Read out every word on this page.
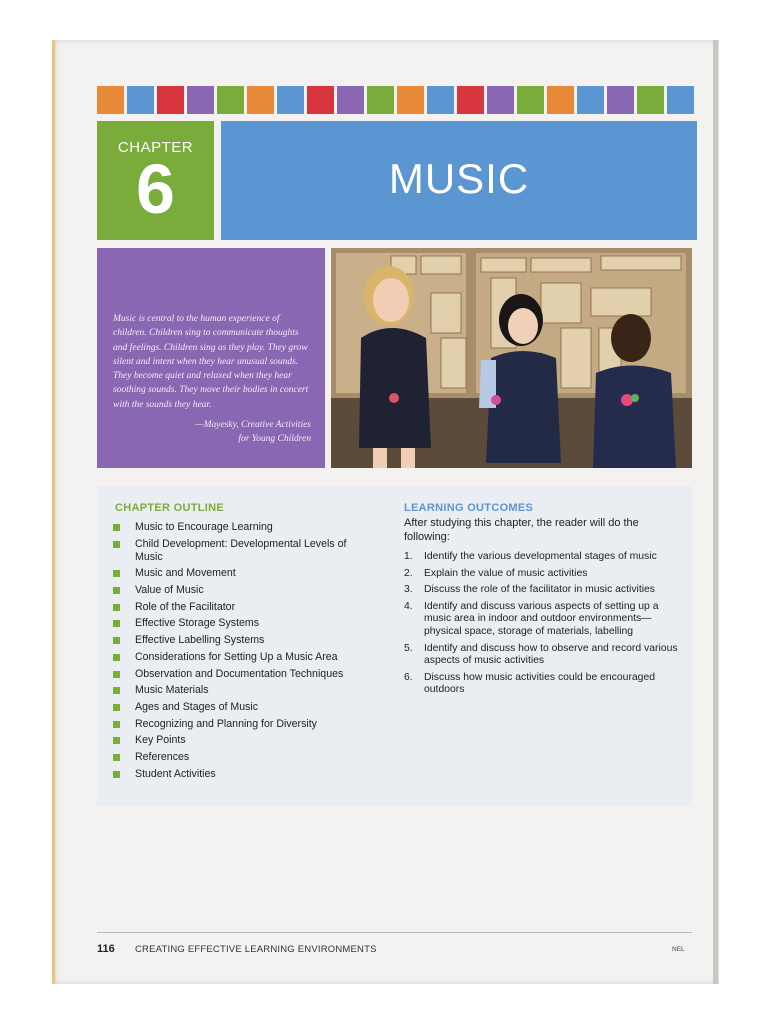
CHAPTER
6	MUSIC
Music is central to the human experience of children. Children sing to communicate thoughts and feelings. Children sing as they play. They grow silent and intent when they hear unusual sounds. They become quiet and relaxed when they hear soothing sounds. They move their bodies in concert with the sounds they hear.
—Mayesky, Creative Activities
for Young Children
CHAPTER OUTLINE
Music to Encourage Learning
Child Development: Developmental Levels of Music
Music and Movement
Value of Music
Role of the Facilitator
Effective Storage Systems
Effective Labelling Systems
Considerations for Setting Up a Music Area
Observation and Documentation Techniques
Music Materials
Ages and Stages of Music
Recognizing and Planning for Diversity
Key Points
References
Student Activities
LEARNING OUTCOMES
After studying this chapter, the reader will do the following:
1. Identify the various developmental stages of music
2. Explain the value of music activities
3. Discuss the role of the facilitator in music activities
4. Identify and discuss various aspects of setting up a music area in indoor and outdoor environments—physical space, storage of materials, labelling
5. Identify and discuss how to observe and record various aspects of music activities
6. Discuss how music activities could be encouraged outdoors
116 CREATING EFFECTIVE LEARNING ENVIRONMENTS	NEL
